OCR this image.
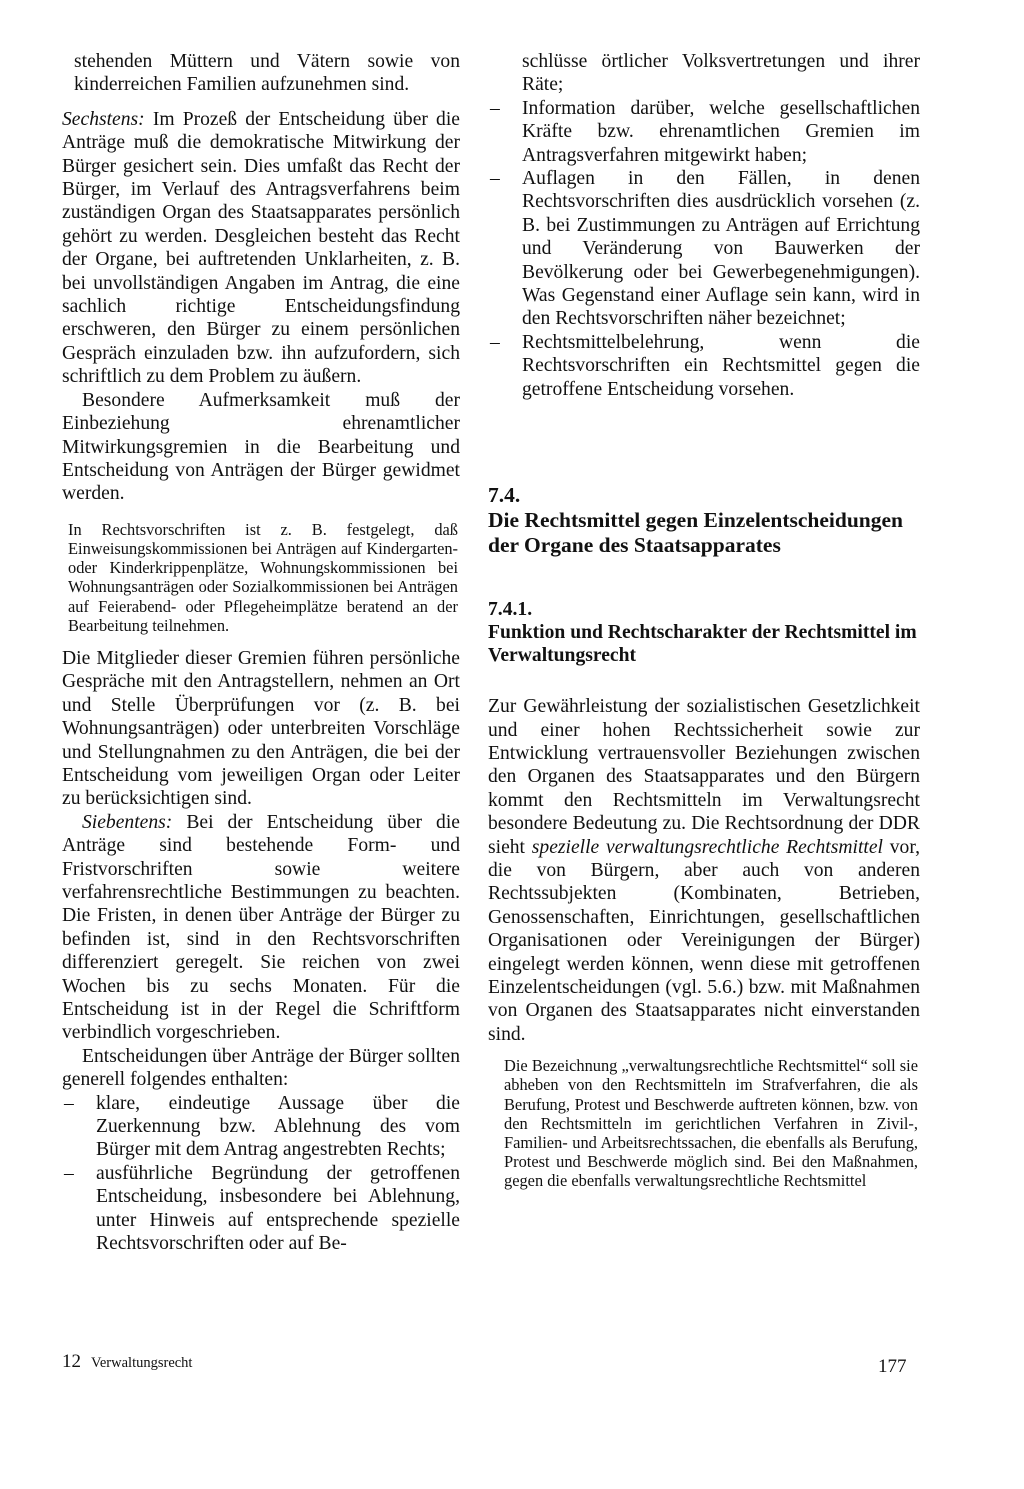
stehenden Müttern und Vätern sowie von kinderreichen Familien aufzunehmen sind.

Sechstens: Im Prozeß der Entscheidung über die Anträge muß die demokratische Mitwirkung der Bürger gesichert sein. Dies umfaßt das Recht der Bürger, im Verlauf des Antragsverfahrens beim zuständigen Organ des Staatsapparates persönlich gehört zu werden. Desgleichen besteht das Recht der Organe, bei auftretenden Unklarheiten, z. B. bei unvollständigen Angaben im Antrag, die eine sachlich richtige Entscheidungsfindung erschweren, den Bürger zu einem persönlichen Gespräch einzuladen bzw. ihn aufzufordern, sich schriftlich zu dem Problem zu äußern.

Besondere Aufmerksamkeit muß der Einbeziehung ehrenamtlicher Mitwirkungsgremien in die Bearbeitung und Entscheidung von Anträgen der Bürger gewidmet werden.

In Rechtsvorschriften ist z. B. festgelegt, daß Einweisungskommissionen bei Anträgen auf Kindergarten- oder Kinderkrippenplätze, Wohnungskommissionen bei Wohnungsanträgen oder Sozialkommissionen bei Anträgen auf Feierabend- oder Pflegeheimplätze beratend an der Bearbeitung teilnehmen.

Die Mitglieder dieser Gremien führen persönliche Gespräche mit den Antragstellern, nehmen an Ort und Stelle Überprüfungen vor (z. B. bei Wohnungsanträgen) oder unterbreiten Vorschläge und Stellungnahmen zu den Anträgen, die bei der Entscheidung vom jeweiligen Organ oder Leiter zu berücksichtigen sind.

Siebentens: Bei der Entscheidung über die Anträge sind bestehende Form- und Fristvorschriften sowie weitere verfahrensrechtliche Bestimmungen zu beachten. Die Fristen, in denen über Anträge der Bürger zu befinden ist, sind in den Rechtsvorschriften differenziert geregelt. Sie reichen von zwei Wochen bis zu sechs Monaten. Für die Entscheidung ist in der Regel die Schriftform verbindlich vorgeschrieben.

Entscheidungen über Anträge der Bürger sollten generell folgendes enthalten:

– klare, eindeutige Aussage über die Zuerkennung bzw. Ablehnung des vom Bürger mit dem Antrag angestrebten Rechts;
– ausführliche Begründung der getroffenen Entscheidung, insbesondere bei Ablehnung, unter Hinweis auf entsprechende spezielle Rechtsvorschriften oder auf Be-

schlüsse örtlicher Volksvertretungen und ihrer Räte;

– Information darüber, welche gesellschaftlichen Kräfte bzw. ehrenamtlichen Gremien im Antragsverfahren mitgewirkt haben;
– Auflagen in den Fällen, in denen Rechtsvorschriften dies ausdrücklich vorsehen (z. B. bei Zustimmungen zu Anträgen auf Errichtung und Veränderung von Bauwerken der Bevölkerung oder bei Gewerbegenehmigungen). Was Gegenstand einer Auflage sein kann, wird in den Rechtsvorschriften näher bezeichnet;
– Rechtsmittelbelehrung, wenn die Rechtsvorschriften ein Rechtsmittel gegen die getroffene Entscheidung vorsehen.

7.4.

Die Rechtsmittel gegen Einzelentscheidungen der Organe des Staatsapparates

7.4.1.

Funktion und Rechtscharakter der Rechtsmittel im Verwaltungsrecht

Zur Gewährleistung der sozialistischen Gesetzlichkeit und einer hohen Rechtssicherheit sowie zur Entwicklung vertrauensvoller Beziehungen zwischen den Organen des Staatsapparates und den Bürgern kommt den Rechtsmitteln im Verwaltungsrecht besondere Bedeutung zu. Die Rechtsordnung der DDR sieht spezielle verwaltungsrechtliche Rechtsmittel vor, die von Bürgern, aber auch von anderen Rechtssubjekten (Kombinaten, Betrieben, Genossenschaften, Einrichtungen, gesellschaftlichen Organisationen oder Vereinigungen der Bürger) eingelegt werden können, wenn diese mit getroffenen Einzelentscheidungen (vgl. 5.6.) bzw. mit Maßnahmen von Organen des Staatsapparates nicht einverstanden sind.

Die Bezeichnung „verwaltungsrechtliche Rechtsmittel“ soll sie abheben von den Rechtsmitteln im Strafverfahren, die als Berufung, Protest und Beschwerde auftreten können, bzw. von den Rechtsmitteln im gerichtlichen Verfahren in Zivil-, Familien- und Arbeitsrechtssachen, die ebenfalls als Berufung, Protest und Beschwerde möglich sind. Bei den Maßnahmen, gegen die ebenfalls verwaltungsrechtliche Rechtsmittel

12 Verwaltungsrecht	177
